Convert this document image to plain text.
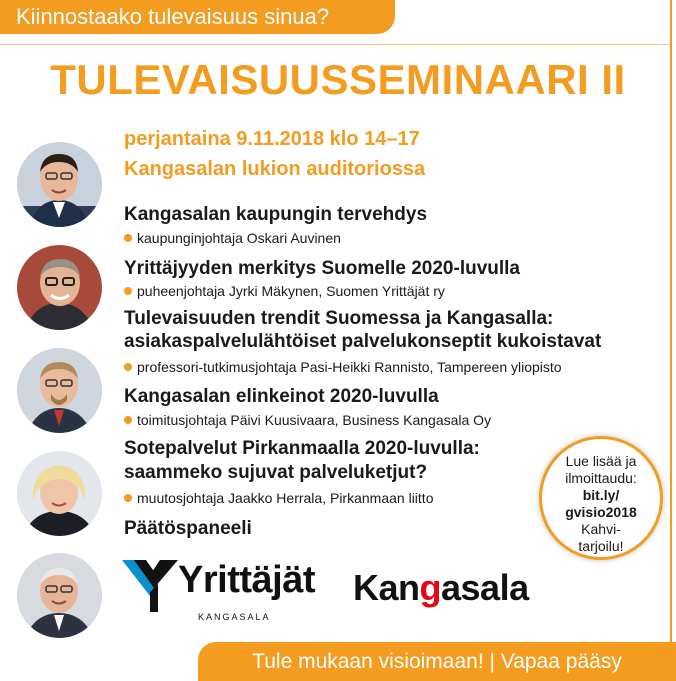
Kiinnostaako tulevaisuus sinua?
TULEVAISUUSSEMINAARI II
perjantaina 9.11.2018 klo 14–17
Kangasalan lukion auditoriossa
Kangasalan kaupungin tervehdys
kaupunginjohtaja Oskari Auvinen
Yrittäjyyden merkitys Suomelle 2020-luvulla
puheenjohtaja Jyrki Mäkynen, Suomen Yrittäjät ry
Tulevaisuuden trendit Suomessa ja Kangasalla:
asiakaspalvelulähtöiset palvelukonseptit kukoistavat
professori-tutkimusjohtaja Pasi-Heikki Rannisto, Tampereen yliopisto
Kangasalan elinkeinot 2020-luvulla
toimitusjohtaja Päivi Kuusivaara, Business Kangasala Oy
Sotepalvelut Pirkanmaalla 2020-luvulla:
saammeko sujuvat palveluketjut?
muutosjohtaja Jaakko Herrala, Pirkanmaan liitto
Päätöspaneeli
Lue lisää ja
ilmoittaudu:
bit.ly/
gvisio2018
Kahvi-
tarjoilu!
Yrittäjät
KANGASALA
Kangasala
Tule mukaan visioimaan! | Vapaa pääsy
